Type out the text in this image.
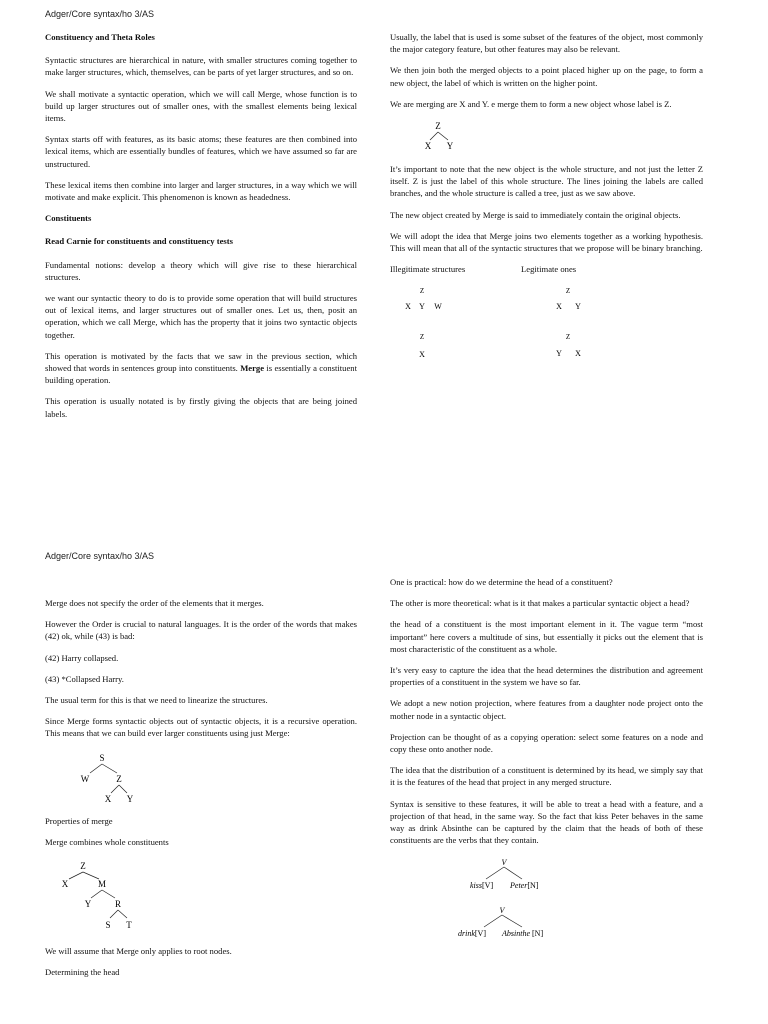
Adger/Core syntax/ho 3/AS

Constituency and Theta Roles

Syntactic structures are hierarchical in nature, with smaller structures coming together to make larger structures, which, themselves, can be parts of yet larger structures, and so on.

We shall motivate a syntactic operation, which we will call Merge, whose function is to build up larger structures out of smaller ones, with the smallest elements being lexical items.

Syntax starts off with features, as its basic atoms; these features are then combined into lexical items, which are essentially bundles of features, which we have assumed so far are unstructured.

These lexical items then combine into larger and larger structures, in a way which we will motivate and make explicit. This phenomenon is known as headedness.

Constituents

Read Carnie for constituents and constituency tests

Fundamental notions: develop a theory which will give rise to these hierarchical structures.

we want our syntactic theory to do is to provide some operation that will build structures out of lexical items, and larger structures out of smaller ones. Let us, then, posit an operation, which we call Merge, which has the property that it joins two syntactic objects together.

This operation is motivated by the facts that we saw in the previous section, which showed that words in sentences group into constituents. Merge is essentially a constituent building operation.

This operation is usually notated is by firstly giving the objects that are being joined labels.

Usually, the label that is used is some subset of the features of the object, most commonly the major category feature, but other features may also be relevant.

We then join both the merged objects to a point placed higher up on the page, to form a new object, the label of which is written on the higher point.

We are merging are X and Y. e merge them to form a new object whose label is Z.

Z
X Y

It’s important to note that the new object is the whole structure, and not just the letter Z itself. Z is just the label of this whole structure. The lines joining the labels are called branches, and the whole structure is called a tree, just as we saw above.

The new object created by Merge is said to immediately contain the original objects.

We will adopt the idea that Merge joins two elements together as a working hypothesis. This will mean that all of the syntactic structures that we propose will be binary branching.

Illegitimate structures	Legitimate ones
Z
X Y W
Z
X
Z
X Y
Z
Y X
Adger/Core syntax/ho 3/AS

Merge does not specify the order of the elements that it merges.

However the Order is crucial to natural languages. It is the order of the words that makes (42) ok, while (43) is bad:

(42) Harry collapsed.

(43) *Collapsed Harry.

The usual term for this is that we need to linearize the structures.

Since Merge forms syntactic objects out of syntactic objects, it is a recursive operation. This means that we can build ever larger constituents using just Merge:

S
W	Z
X Y

Properties of merge

Merge combines whole constituents

Z
X	M
Y	R
S T

We will assume that Merge only applies to root nodes.

Determining the head

One is practical: how do we determine the head of a constituent?

The other is more theoretical: what is it that makes a particular syntactic object a head?

the head of a constituent is the most important element in it. The vague term “most important” here covers a multitude of sins, but essentially it picks out the element that is most characteristic of the constituent as a whole.

It’s very easy to capture the idea that the head determines the distribution and agreement properties of a constituent in the system we have so far.

We adopt a new notion projection, where features from a daughter node project onto the mother node in a syntactic object.

Projection can be thought of as a copying operation: select some features on a node and copy these onto another node.

The idea that the distribution of a constituent is determined by its head, we simply say that it is the features of the head that project in any merged structure.

Syntax is sensitive to these features, it will be able to treat a head with a feature, and a projection of that head, in the same way. So the fact that kiss Peter behaves in the same way as drink Absinthe can be captured by the claim that the heads of both of these constituents are the verbs that they contain.

V
kiss[V] Peter[N]
V
drink[V] Absinthe [N]
